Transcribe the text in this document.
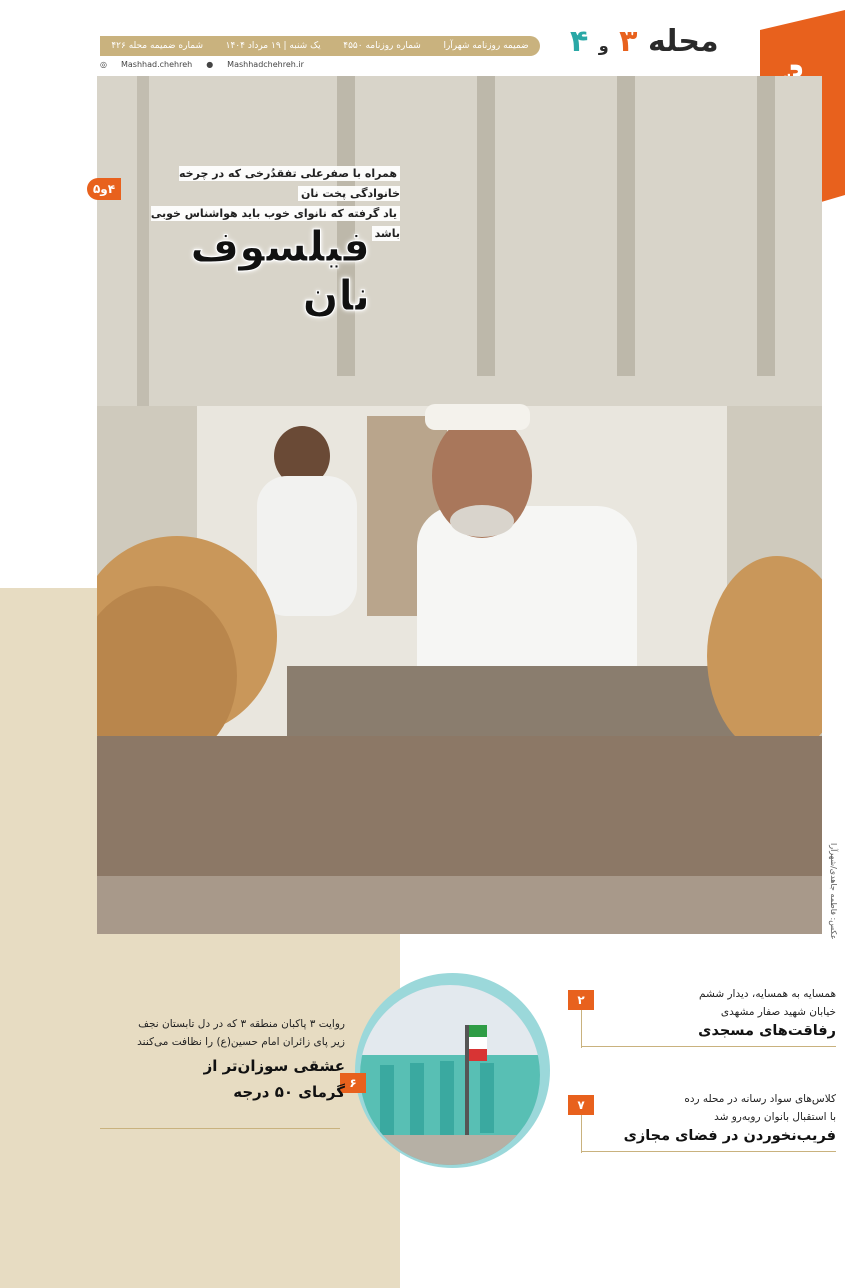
محله ۳ و ۴
ضمیمه روزنامه شهرآرا
شماره روزنامه ۴۵۵۰
یک شنبه | ۱۹ مرداد ۱۴۰۴
شماره ضمیمه محله ۴۲۶
◎ Mashhad.chehreh ● Mashhadchehreh.ir
عکس: فاطمه جاهدی/شهرآرا
همراه با صفرعلی تفقدُرخی که در چرخه خانوادگی پخت نان
یاد گرفته که نانوای خوب باید هواشناس خوبی باشد
۴و۵
فیلسوف نان
همسایه به همسایه، دیدار ششم
خیابان شهید صفار مشهدی
رفاقت‌های مسجدی
۲
کلاس‌های سواد رسانه در محله رده
با استقبال بانوان روبه‌رو شد
فریب‌نخوردن در فضای مجازی
۷
۶
روایت ۳ پاکبان منطقه ۳ که در دل تابستان نجف
زیر پای زائران امام حسین(ع) را نظافت می‌کنند
عشقی سوزان‌تر از
گرمای ۵۰ درجه
